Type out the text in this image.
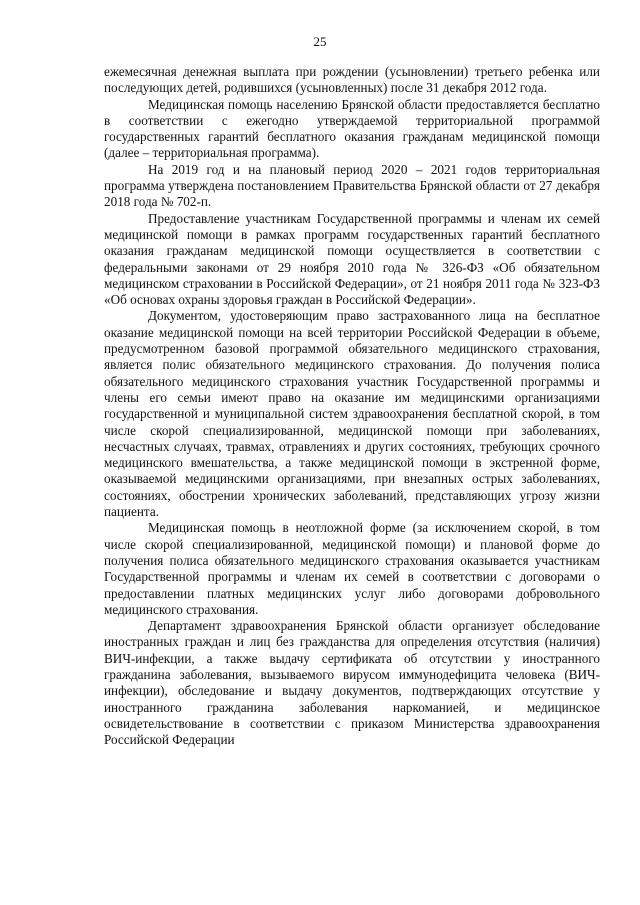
25

ежемесячная денежная выплата при рождении (усыновлении) третьего ребенка или последующих детей, родившихся (усыновленных) после 31 декабря 2012 года.

Медицинская помощь населению Брянской области предоставляется бесплатно в соответствии с ежегодно утверждаемой территориальной программой государственных гарантий бесплатного оказания гражданам медицинской помощи (далее – территориальная программа).

На 2019 год и на плановый период 2020 – 2021 годов территориальная программа утверждена постановлением Правительства Брянской области от 27 декабря 2018 года № 702-п.

Предоставление участникам Государственной программы и членам их семей медицинской помощи в рамках программ государственных гарантий бесплатного оказания гражданам медицинской помощи осуществляется в соответствии с федеральными законами от 29 ноября 2010 года № 326-ФЗ «Об обязательном медицинском страховании в Российской Федерации», от 21 ноября 2011 года № 323-ФЗ «Об основах охраны здоровья граждан в Российской Федерации».

Документом, удостоверяющим право застрахованного лица на бесплатное оказание медицинской помощи на всей территории Российской Федерации в объеме, предусмотренном базовой программой обязательного медицинского страхования, является полис обязательного медицинского страхования. До получения полиса обязательного медицинского страхования участник Государственной программы и члены его семьи имеют право на оказание им медицинскими организациями государственной и муниципальной систем здравоохранения бесплатной скорой, в том числе скорой специализированной, медицинской помощи при заболеваниях, несчастных случаях, травмах, отравлениях и других состояниях, требующих срочного медицинского вмешательства, а также медицинской помощи в экстренной форме, оказываемой медицинскими организациями, при внезапных острых заболеваниях, состояниях, обострении хронических заболеваний, представляющих угрозу жизни пациента.

Медицинская помощь в неотложной форме (за исключением скорой, в том числе скорой специализированной, медицинской помощи) и плановой форме до получения полиса обязательного медицинского страхования оказывается участникам Государственной программы и членам их семей в соответствии с договорами о предоставлении платных медицинских услуг либо договорами добровольного медицинского страхования.

Департамент здравоохранения Брянской области организует обследование иностранных граждан и лиц без гражданства для определения отсутствия (наличия) ВИЧ-инфекции, а также выдачу сертификата об отсутствии у иностранного гражданина заболевания, вызываемого вирусом иммунодефицита человека (ВИЧ-инфекции), обследование и выдачу документов, подтверждающих отсутствие у иностранного гражданина заболевания наркоманией, и медицинское освидетельствование в соответствии с приказом Министерства здравоохранения Российской Федерации
